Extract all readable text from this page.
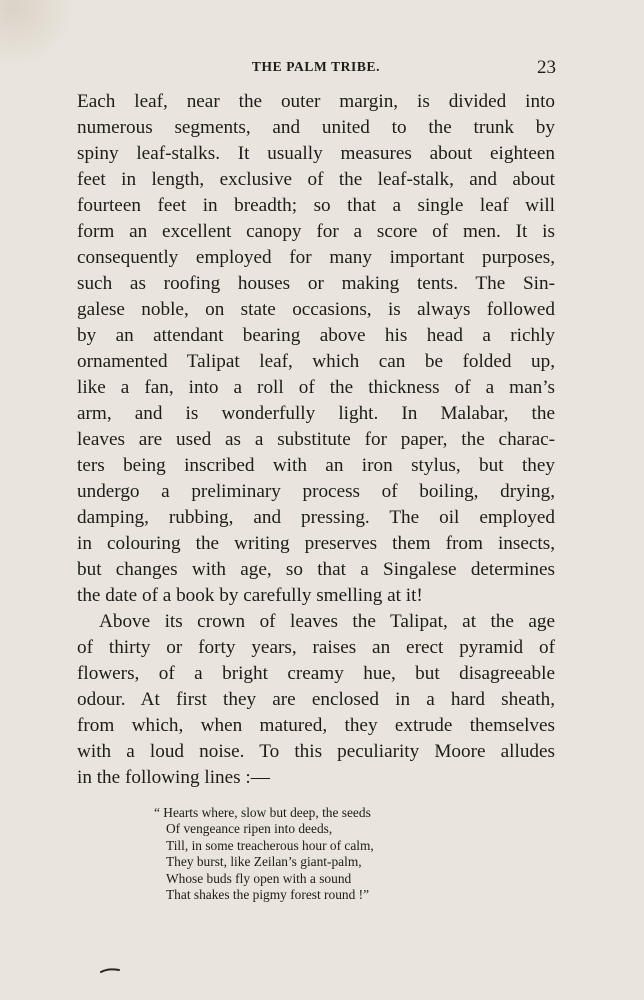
THE PALM TRIBE.	23
Each leaf, near the outer margin, is divided into
numerous segments, and united to the trunk by
spiny leaf-stalks. It usually measures about eighteen
feet in length, exclusive of the leaf-stalk, and about
fourteen feet in breadth; so that a single leaf will
form an excellent canopy for a score of men. It is
consequently employed for many important purposes,
such as roofing houses or making tents. The Sin-
galese noble, on state occasions, is always followed
by an attendant bearing above his head a richly
ornamented Talipat leaf, which can be folded up,
like a fan, into a roll of the thickness of a man’s
arm, and is wonderfully light. In Malabar, the
leaves are used as a substitute for paper, the charac-
ters being inscribed with an iron stylus, but they
undergo a preliminary process of boiling, drying,
damping, rubbing, and pressing. The oil employed
in colouring the writing preserves them from insects,
but changes with age, so that a Singalese determines
the date of a book by carefully smelling at it!
Above its crown of leaves the Talipat, at the age
of thirty or forty years, raises an erect pyramid of
flowers, of a bright creamy hue, but disagreeable
odour. At first they are enclosed in a hard sheath,
from which, when matured, they extrude themselves
with a loud noise. To this peculiarity Moore alludes
in the following lines :—
“ Hearts where, slow but deep, the seeds
Of vengeance ripen into deeds,
Till, in some treacherous hour of calm,
They burst, like Zeilan’s giant-palm,
Whose buds fly open with a sound
That shakes the pigmy forest round !”
